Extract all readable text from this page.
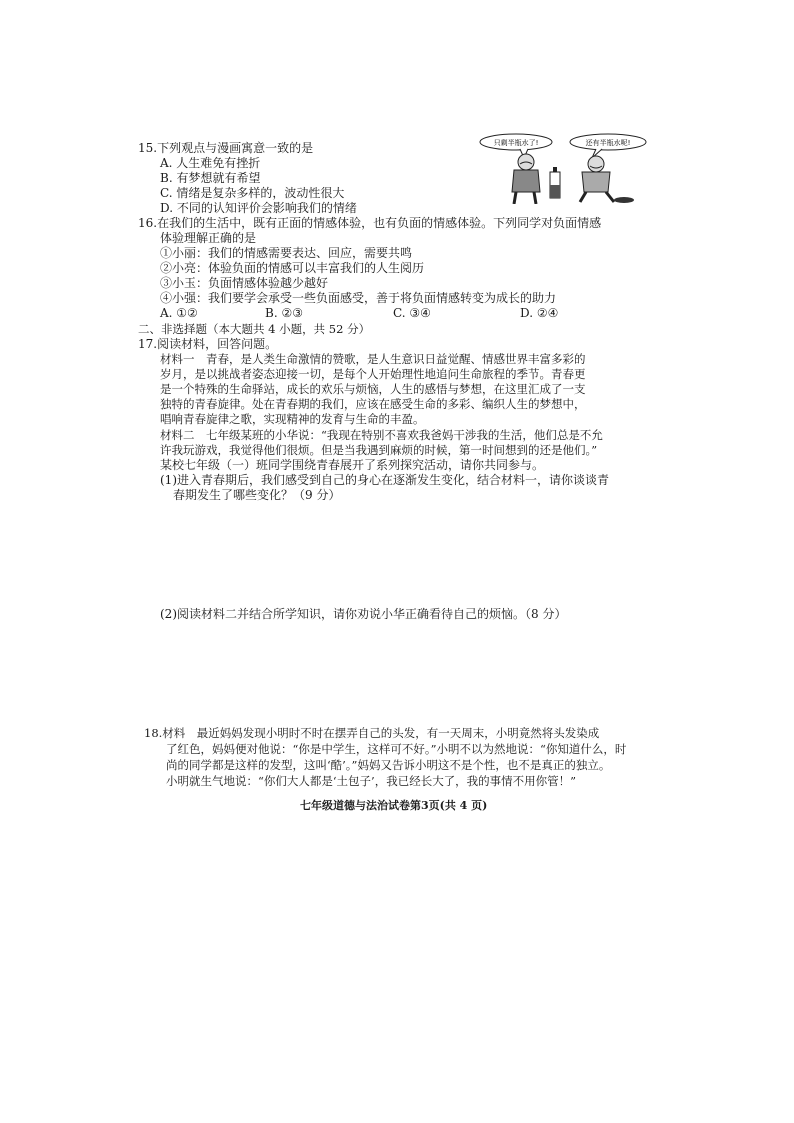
15.下列观点与漫画寓意一致的是
A. 人生难免有挫折
B. 有梦想就有希望
C. 情绪是复杂多样的，波动性很大
D. 不同的认知评价会影响我们的情绪
只剩半瓶水了!	还有半瓶水呢!
16.在我们的生活中，既有正面的情感体验，也有负面的情感体验。下列同学对负面情感
体验理解正确的是
①小丽：我们的情感需要表达、回应，需要共鸣
②小亮：体验负面的情感可以丰富我们的人生阅历
③小玉：负面情感体验越少越好
④小强：我们要学会承受一些负面感受，善于将负面情感转变为成长的助力
A. ①②	B. ②③	C. ③④	D. ②④
二、非选择题（本大题共 4 小题，共 52 分）
17.阅读材料，回答问题。
材料一　青春，是人类生命激情的赞歌，是人生意识日益觉醒、情感世界丰富多彩的
岁月，是以挑战者姿态迎接一切，是每个人开始理性地追问生命旅程的季节。青春更
是一个特殊的生命驿站，成长的欢乐与烦恼，人生的感悟与梦想，在这里汇成了一支
独特的青春旋律。处在青春期的我们，应该在感受生命的多彩、编织人生的梦想中，
唱响青春旋律之歌，实现精神的发育与生命的丰盈。
材料二　七年级某班的小华说：“我现在特别不喜欢我爸妈干涉我的生活，他们总是不允
许我玩游戏，我觉得他们很烦。但是当我遇到麻烦的时候，第一时间想到的还是他们。”
某校七年级（一）班同学围绕青春展开了系列探究活动，请你共同参与。
(1)进入青春期后，我们感受到自己的身心在逐渐发生变化，结合材料一，请你谈谈青
春期发生了哪些变化？（9 分）
(2)阅读材料二并结合所学知识，请你劝说小华正确看待自己的烦恼。（8 分）
18.材料　最近妈妈发现小明时不时在摆弄自己的头发，有一天周末，小明竟然将头发染成
了红色，妈妈便对他说：“你是中学生，这样可不好。”小明不以为然地说：“你知道什么，时
尚的同学都是这样的发型，这叫‘酷’。”妈妈又告诉小明这不是个性，也不是真正的独立。
小明就生气地说：“你们大人都是‘土包子’，我已经长大了，我的事情不用你管！”
七年级道德与法治试卷第3页(共 4 页)
